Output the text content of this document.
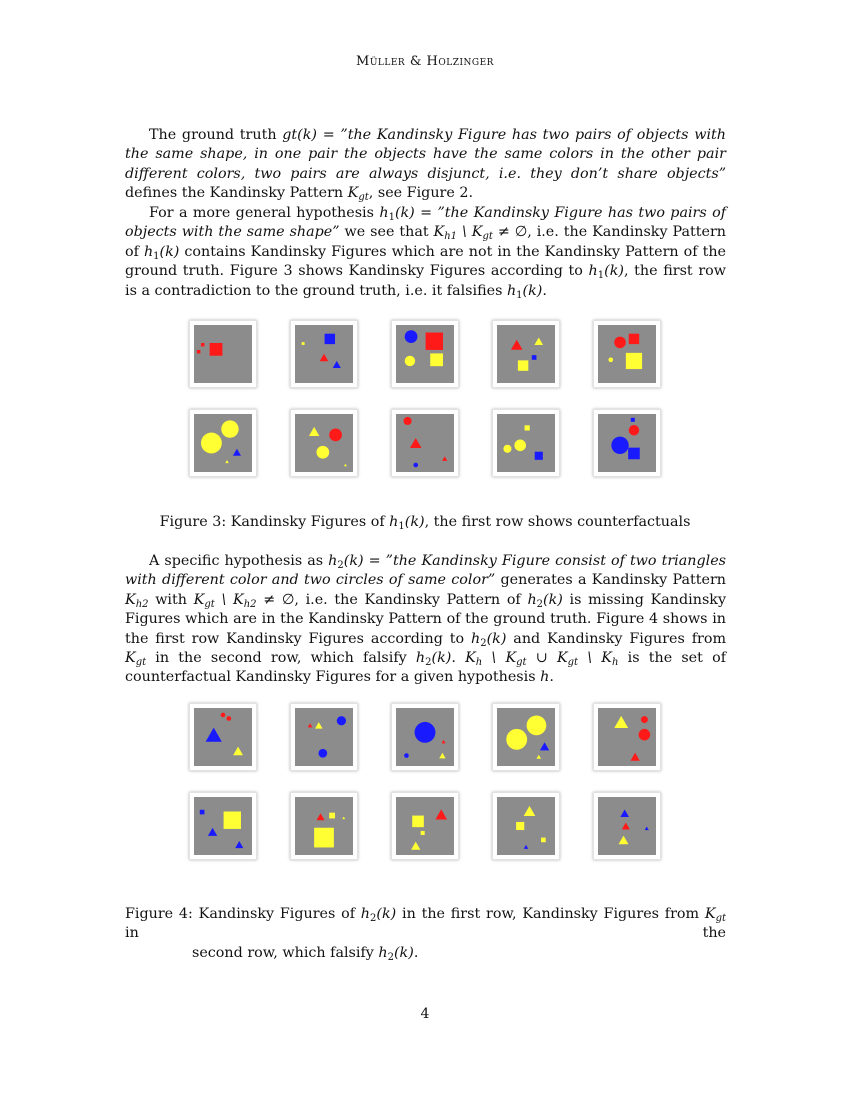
Müller & Holzinger

The ground truth gt(k) = ”the Kandinsky Figure has two pairs of objects with the same shape, in one pair the objects have the same colors in the other pair different colors, two pairs are always disjunct, i.e. they don’t share objects” defines the Kandinsky Pattern $K_{gt}$, see Figure 2.

For a more general hypothesis $h_1(k)$ = ”the Kandinsky Figure has two pairs of objects with the same shape” we see that $K_{h1}$ \ $K_{gt}$ ≠ ∅, i.e. the Kandinsky Pattern of $h_1(k)$ contains Kandinsky Figures which are not in the Kandinsky Pattern of the ground truth. Figure 3 shows Kandinsky Figures according to $h_1(k)$, the first row is a contradiction to the ground truth, i.e. it falsifies $h_1(k)$.

Figure 3: Kandinsky Figures of $h_1(k)$, the first row shows counterfactuals

A specific hypothesis as $h_2(k)$ = ”the Kandinsky Figure consist of two triangles with different color and two circles of same color” generates a Kandinsky Pattern $K_{h2}$ with $K_{gt}$ \ $K_{h2}$ ≠ ∅, i.e. the Kandinsky Pattern of $h_2(k)$ is missing Kandinsky Figures which are in the Kandinsky Pattern of the ground truth. Figure 4 shows in the first row Kandinsky Figures according to $h_2(k)$ and Kandinsky Figures from $K_{gt}$ in the second row, which falsify $h_2(k)$. $K_h$ \ $K_{gt}$ ∪ $K_{gt}$ \ $K_h$ is the set of counterfactual Kandinsky Figures for a given hypothesis h.

Figure 4: Kandinsky Figures of $h_2(k)$ in the first row, Kandinsky Figures from $K_{gt}$ in the
second row, which falsify $h_2(k)$.
4
